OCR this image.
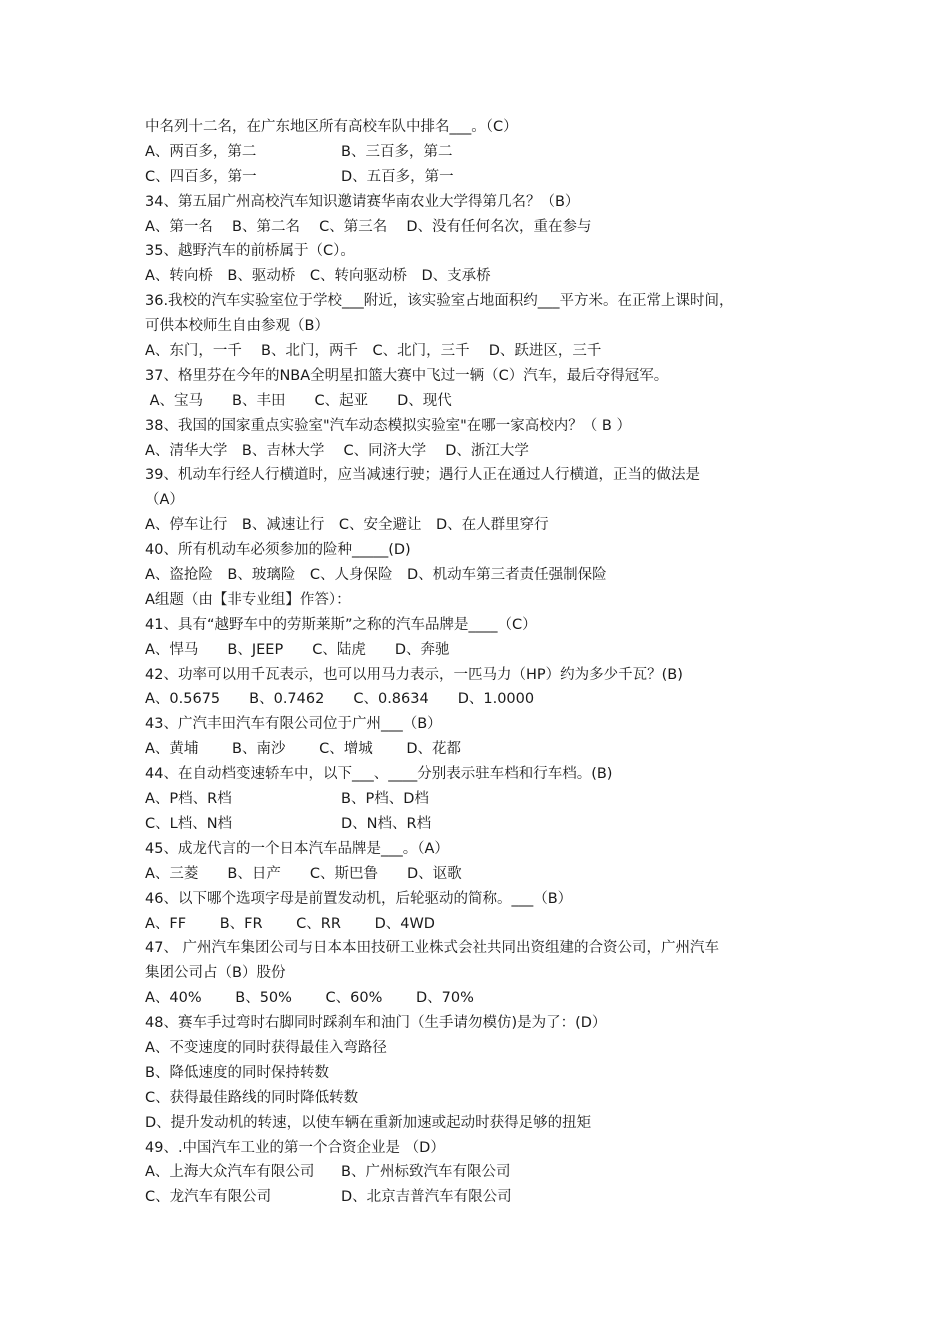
中名列十二名，在广东地区所有高校车队中排名___。（C）
A、两百多，第二	B、三百多，第二
C、四百多，第一	D、五百多，第一
34、第五届广州高校汽车知识邀请赛华南农业大学得第几名？（B）
A、第一名　 B、第二名　 C、第三名　 D、没有任何名次，重在参与
35、越野汽车的前桥属于（C）。
A、转向桥　B、驱动桥　C、转向驱动桥　D、支承桥
36.我校的汽车实验室位于学校___附近，该实验室占地面积约___平方米。在正常上课时间，
可供本校师生自由参观（B）
A、东门，一千　 B、北门，两千　C、北门，三千　 D、跃进区，三千
37、格里芬在今年的NBA全明星扣篮大赛中飞过一辆（C）汽车，最后夺得冠军。
A、宝马　　B、丰田　　C、起亚　　D、现代
38、我国的国家重点实验室"汽车动态模拟实验室"在哪一家高校内？（ B ）
A、清华大学　B、吉林大学　 C、同济大学　 D、浙江大学
39、机动车行经人行横道时，应当减速行驶；遇行人正在通过人行横道，正当的做法是
（A）
A、停车让行　B、减速让行　C、安全避让　D、在人群里穿行
40、所有机动车必须参加的险种_____(D)
A、盗抢险　B、玻璃险　C、人身保险　D、机动车第三者责任强制保险
A组题（由【非专业组】作答）：
41、具有“越野车中的劳斯莱斯”之称的汽车品牌是____（C）
A、悍马　　B、JEEP　　C、陆虎　　D、奔驰
42、功率可以用千瓦表示，也可以用马力表示，一匹马力（HP）约为多少千瓦？(B)
A、0.5675　　B、0.7462　　C、0.8634　　D、1.0000
43、广汽丰田汽车有限公司位于广州___（B）
A、黄埔　　 B、南沙　　 C、增城　　 D、花都
44、在自动档变速轿车中，以下___、____分别表示驻车档和行车档。(B)
A、P档、R档	B、P档、D档
C、L档、N档	D、N档、R档
45、成龙代言的一个日本汽车品牌是___。（A）
A、三菱　　B、日产　　C、斯巴鲁　　D、讴歌
46、以下哪个选项字母是前置发动机，后轮驱动的简称。___（B）
A、FF　　 B、FR　　 C、RR　　 D、4WD
47、 广州汽车集团公司与日本本田技研工业株式会社共同出资组建的合资公司，广州汽车
集团公司占（B）股份
A、40%　　 B、50%　　 C、60%　　 D、70%
48、赛车手过弯时右脚同时踩刹车和油门（生手请勿模仿)是为了：(D）
A、不变速度的同时获得最佳入弯路径
B、降低速度的同时保持转数
C、获得最佳路线的同时降低转数
D、提升发动机的转速，以使车辆在重新加速或起动时获得足够的扭矩
49、.中国汽车工业的第一个合资企业是 （D）
A、上海大众汽车有限公司	B、广州标致汽车有限公司
C、龙汽车有限公司	D、北京吉普汽车有限公司
